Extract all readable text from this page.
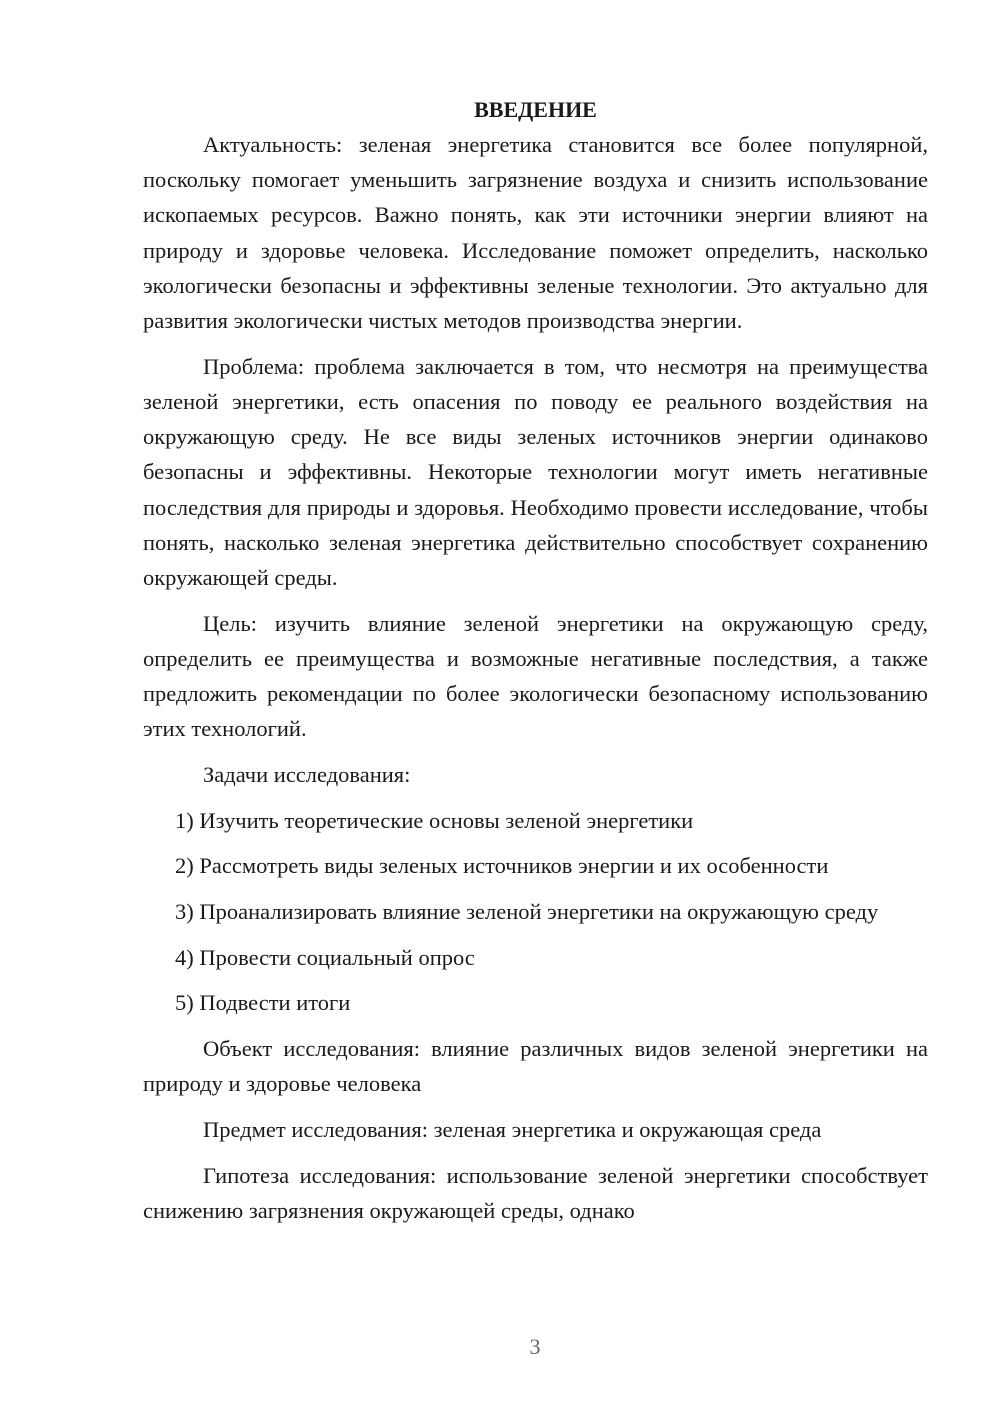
ВВЕДЕНИЕ

Актуальность: зеленая энергетика становится все более популярной, поскольку помогает уменьшить загрязнение воздуха и снизить использование ископаемых ресурсов. Важно понять, как эти источники энергии влияют на природу и здоровье человека. Исследование поможет определить, насколько экологически безопасны и эффективны зеленые технологии. Это актуально для развития экологически чистых методов производства энергии.

Проблема: проблема заключается в том, что несмотря на преимущества зеленой энергетики, есть опасения по поводу ее реального воздействия на окружающую среду. Не все виды зеленых источников энергии одинаково безопасны и эффективны. Некоторые технологии могут иметь негативные последствия для природы и здоровья. Необходимо провести исследование, чтобы понять, насколько зеленая энергетика действительно способствует сохранению окружающей среды.

Цель: изучить влияние зеленой энергетики на окружающую среду, определить ее преимущества и возможные негативные последствия, а также предложить рекомендации по более экологически безопасному использованию этих технологий.

Задачи исследования:

1) Изучить теоретические основы зеленой энергетики

2) Рассмотреть виды зеленых источников энергии и их особенности

3) Проанализировать влияние зеленой энергетики на окружающую среду

4) Провести социальный опрос

5) Подвести итоги

Объект исследования: влияние различных видов зеленой энергетики на природу и здоровье человека

Предмет исследования: зеленая энергетика и окружающая среда

Гипотеза исследования: использование зеленой энергетики способствует снижению загрязнения окружающей среды, однако

3
